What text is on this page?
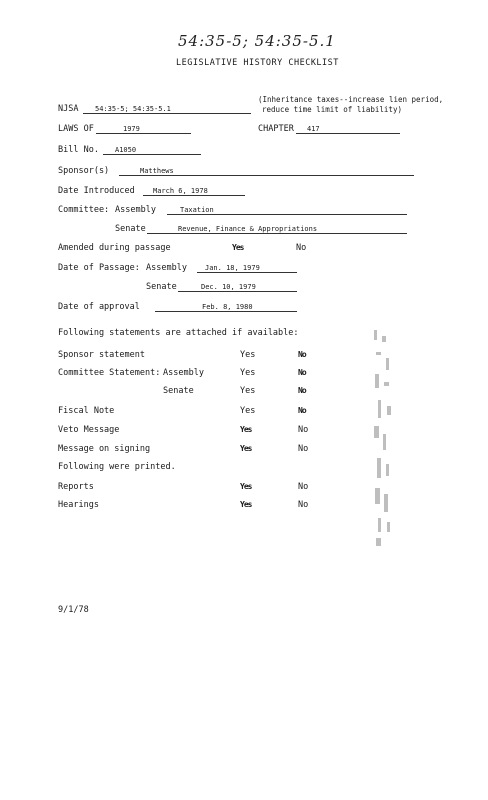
54:35-5; 54:35-5.1
LEGISLATIVE HISTORY CHECKLIST
NJSA 54:35-5; 54:35-5.1
(Inheritance taxes--increase lien period,
reduce time limit of liability)
LAWS OF	1979	CHAPTER 417
Bill No. A1050
Sponsor(s)	Matthews
Date Introduced	March 6, 1978
Committee: Assembly	Taxation
Senate	Revenue, Finance & Appropriations
Amended during passage	Yes	No
Date of Passage: Assembly	Jan. 18, 1979
Senate	Dec. 10, 1979
Date of approval	Feb. 8, 1980
Following statements are attached if available:
Sponsor statement	Yes	No
Committee Statement: Assembly	Yes	No
Senate	Yes	No
Fiscal Note	Yes	No
Veto Message	Yes	No
Message on signing	Yes	No
Following were printed.
Reports	Yes	No
Hearings	Yes	No
9/1/78
